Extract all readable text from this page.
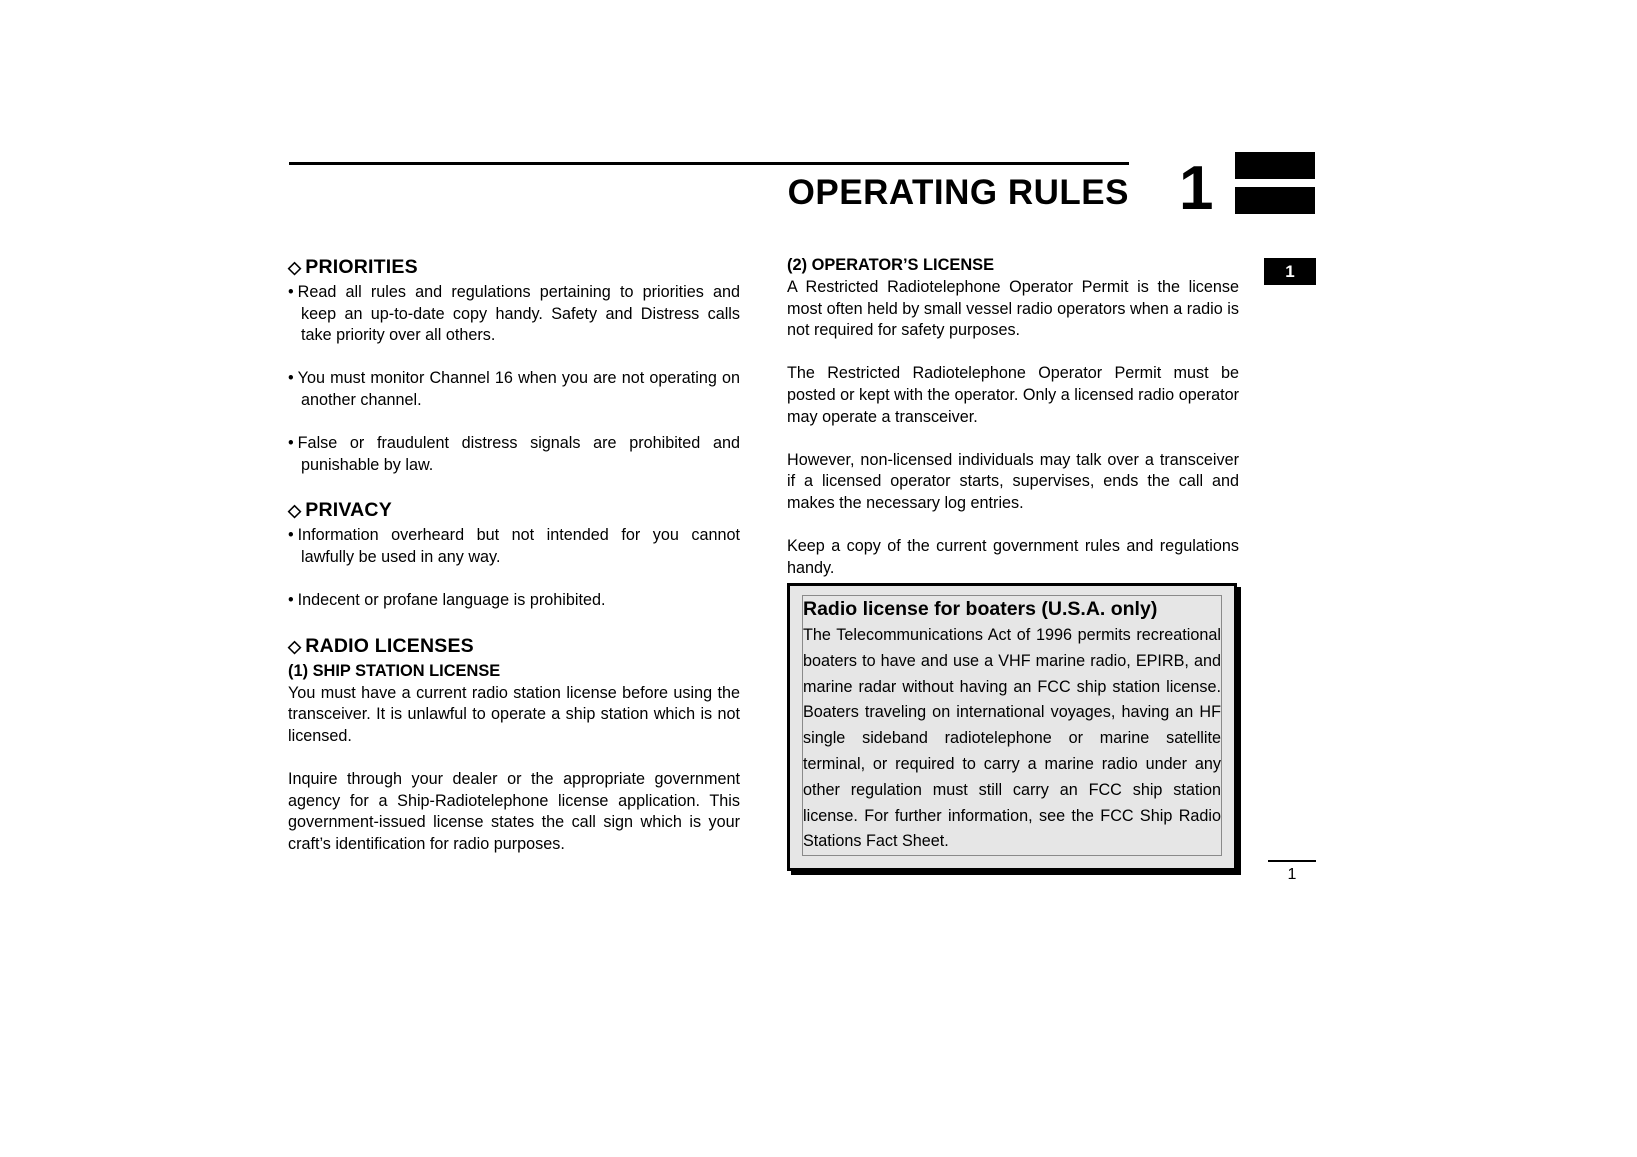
OPERATING RULES 1
1
◇ PRIORITIES

• Read all rules and regulations pertaining to priorities and keep an up-to-date copy handy. Safety and Distress calls take priority over all others.

• You must monitor Channel 16 when you are not operating on another channel.

• False or fraudulent distress signals are prohibited and punishable by law.

◇ PRIVACY

• Information overheard but not intended for you cannot lawfully be used in any way.

• Indecent or profane language is prohibited.

◇ RADIO LICENSES
(1) SHIP STATION LICENSE

You must have a current radio station license before using the transceiver. It is unlawful to operate a ship station which is not licensed.

Inquire through your dealer or the appropriate government agency for a Ship-Radiotelephone license application. This government-issued license states the call sign which is your craft’s identification for radio purposes.

(2) OPERATOR’S LICENSE

A Restricted Radiotelephone Operator Permit is the license most often held by small vessel radio operators when a radio is not required for safety purposes.

The Restricted Radiotelephone Operator Permit must be posted or kept with the operator. Only a licensed radio operator may operate a transceiver.

However, non-licensed individuals may talk over a transceiver if a licensed operator starts, supervises, ends the call and makes the necessary log entries.

Keep a copy of the current government rules and regulations handy.

Radio license for boaters (U.S.A. only)

The Telecommunications Act of 1996 permits recreational boaters to have and use a VHF marine radio, EPIRB, and marine radar without having an FCC ship station license. Boaters traveling on international voyages, having an HF single sideband radiotelephone or marine satellite terminal, or required to carry a marine radio under any other regulation must still carry an FCC ship station license. For further information, see the FCC Ship Radio Stations Fact Sheet.

1
